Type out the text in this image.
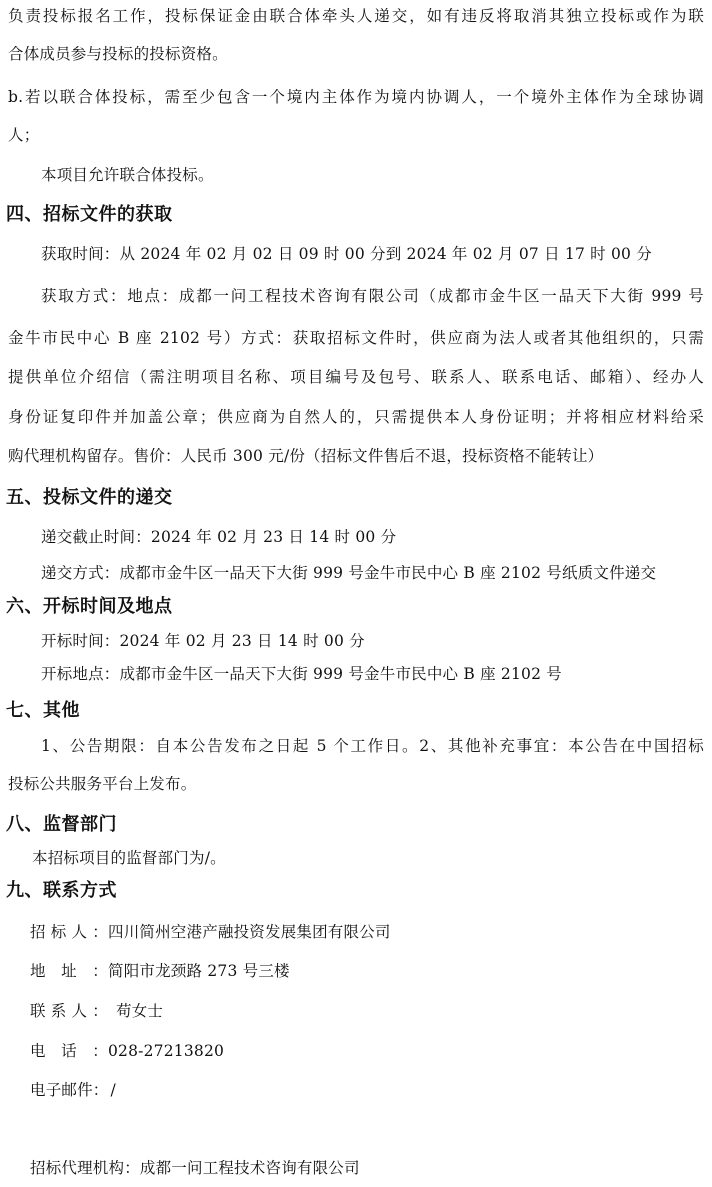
负责投标报名工作，投标保证金由联合体牵头人递交，如有违反将取消其独立投标或作为联
合体成员参与投标的投标资格。
b.若以联合体投标，需至少包含一个境内主体作为境内协调人，一个境外主体作为全球协调
人；
本项目允许联合体投标。
四、招标文件的获取
获取时间：从 2024 年 02 月 02 日 09 时 00 分到 2024 年 02 月 07 日 17 时 00 分
获取方式：地点：成都一问工程技术咨询有限公司（成都市金牛区一品天下大街 999 号
金牛市民中心 B 座 2102 号）方式：获取招标文件时，供应商为法人或者其他组织的，只需
提供单位介绍信（需注明项目名称、项目编号及包号、联系人、联系电话、邮箱）、经办人
身份证复印件并加盖公章；供应商为自然人的，只需提供本人身份证明；并将相应材料给采
购代理机构留存。售价：人民币 300 元/份（招标文件售后不退，投标资格不能转让）
五、投标文件的递交
递交截止时间：2024 年 02 月 23 日 14 时 00 分
递交方式：成都市金牛区一品天下大街 999 号金牛市民中心 B 座 2102 号纸质文件递交
六、开标时间及地点
开标时间：2024 年 02 月 23 日 14 时 00 分
开标地点：成都市金牛区一品天下大街 999 号金牛市民中心 B 座 2102 号
七、其他
1、公告期限：自本公告发布之日起 5 个工作日。2、其他补充事宜：本公告在中国招标
投标公共服务平台上发布。
八、监督部门
本招标项目的监督部门为/。
九、联系方式
招标人：四川简州空港产融投资发展集团有限公司
地址：简阳市龙颈路 273 号三楼
联系人： 苟女士
电话：028-27213820
电子邮件： /
招标代理机构：成都一问工程技术咨询有限公司
